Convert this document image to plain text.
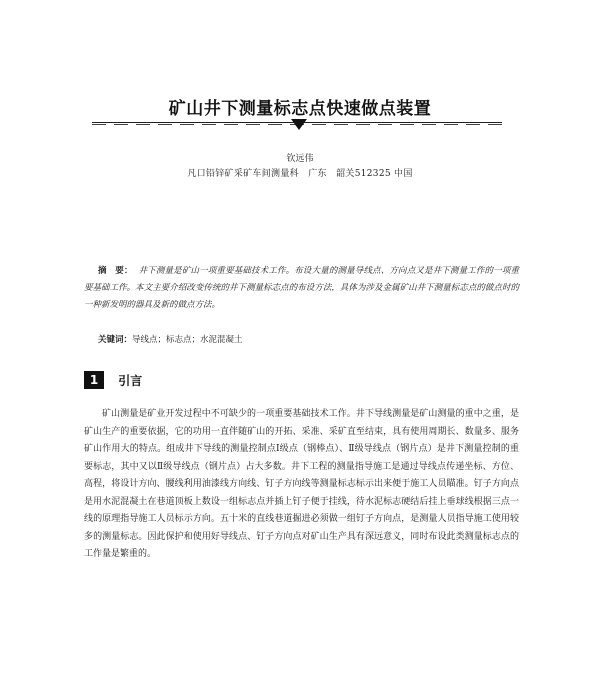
矿山井下测量标志点快速做点装置
钦远伟
凡口铅锌矿采矿车间测量科　广东　韶关512325 中国
摘　要： 井下测量是矿山一项重要基础技术工作。布设大量的测量导线点、方向点又是井下测量工作的一项重要基础工作。本文主要介绍改变传统的井下测量标志点的布设方法，具体为涉及金属矿山井下测量标志点的做点时的一种新发明的器具及新的做点方法。
关键词：导线点；标志点；水泥混凝土
1 引言
矿山测量是矿业开发过程中不可缺少的一项重要基础技术工作。井下导线测量是矿山测量的重中之重，是矿山生产的重要依据，它的功用一直伴随矿山的开拓、采准、采矿直至结束，具有使用周期长、数量多、服务矿山作用大的特点。组成井下导线的测量控制点Ⅰ级点（钢棒点）、Ⅱ级导线点（钢片点）是井下测量控制的重要标志，其中又以Ⅱ级导线点（钢片点）占大多数。井下工程的测量指导施工是通过导线点传递坐标、方位、高程，将设计方向、腰线利用油漆线方向线、钉子方向线等测量标志标示出来便于施工人员瞄准。钉子方向点是用水泥混凝土在巷道顶板上数设一组标志点并插上钉子便于挂线，待水泥标志硬结后挂上垂球线根据三点一线的原理指导施工人员标示方向。五十米的直线巷道掘进必须做一组钉子方向点，是测量人员指导施工使用较多的测量标志。因此保护和使用好导线点、钉子方向点对矿山生产具有深远意义，同时布设此类测量标志点的工作量是繁重的。
